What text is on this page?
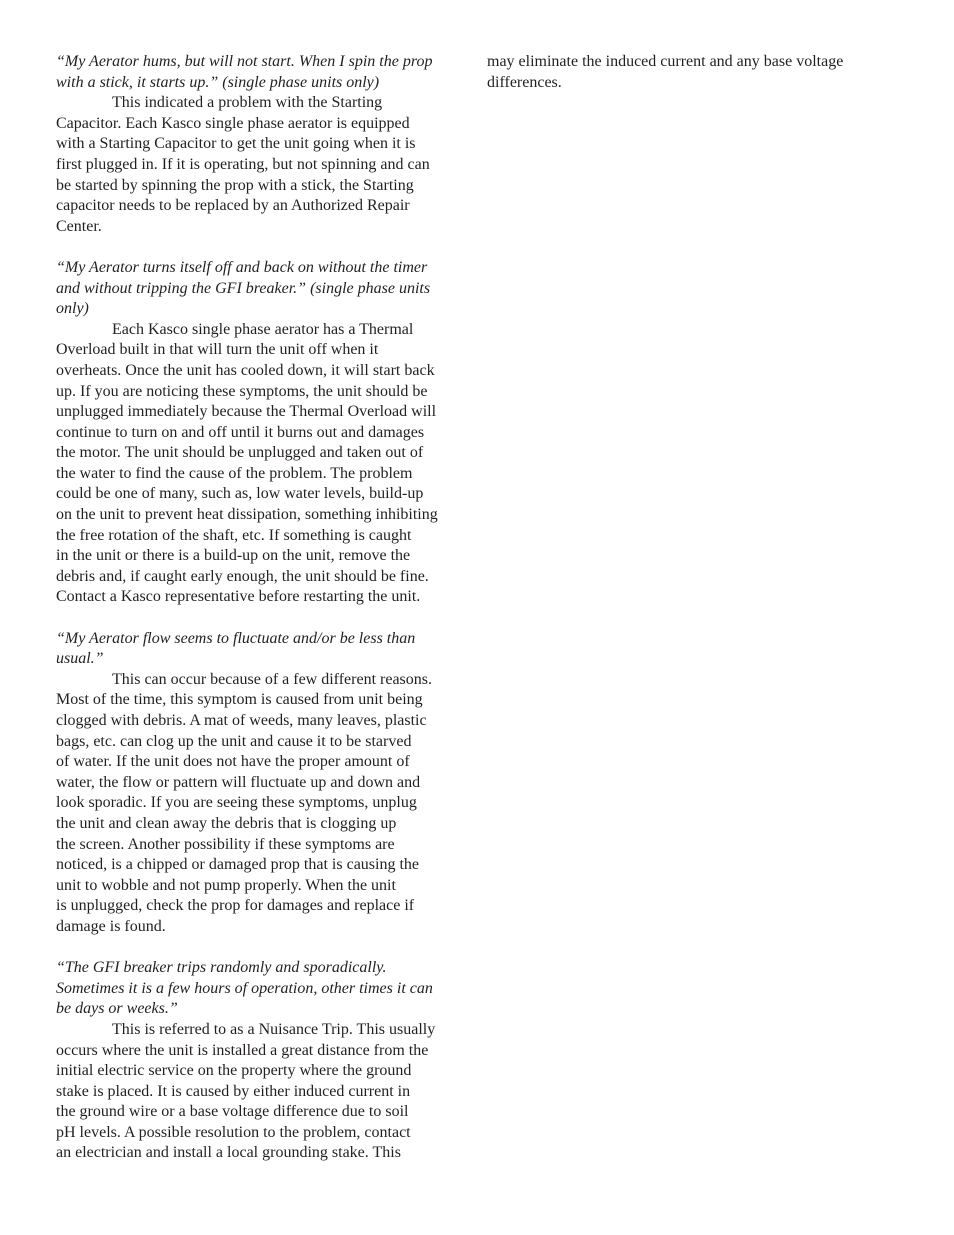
“My Aerator hums, but will not start. When I spin the prop
with a stick, it starts up.” (single phase units only)

This indicated a problem with the Starting
Capacitor. Each Kasco single phase aerator is equipped
with a Starting Capacitor to get the unit going when it is
first plugged in. If it is operating, but not spinning and can
be started by spinning the prop with a stick, the Starting
capacitor needs to be replaced by an Authorized Repair
Center.

“My Aerator turns itself off and back on without the timer
and without tripping the GFI breaker.” (single phase units
only)

Each Kasco single phase aerator has a Thermal
Overload built in that will turn the unit off when it
overheats. Once the unit has cooled down, it will start back
up. If you are noticing these symptoms, the unit should be
unplugged immediately because the Thermal Overload will
continue to turn on and off until it burns out and damages
the motor. The unit should be unplugged and taken out of
the water to find the cause of the problem. The problem
could be one of many, such as, low water levels, build-up
on the unit to prevent heat dissipation, something inhibiting
the free rotation of the shaft, etc. If something is caught
in the unit or there is a build-up on the unit, remove the
debris and, if caught early enough, the unit should be fine.
Contact a Kasco representative before restarting the unit.

“My Aerator flow seems to fluctuate and/or be less than
usual.”

This can occur because of a few different reasons.
Most of the time, this symptom is caused from unit being
clogged with debris. A mat of weeds, many leaves, plastic
bags, etc. can clog up the unit and cause it to be starved
of water. If the unit does not have the proper amount of
water, the flow or pattern will fluctuate up and down and
look sporadic. If you are seeing these symptoms, unplug
the unit and clean away the debris that is clogging up
the screen. Another possibility if these symptoms are
noticed, is a chipped or damaged prop that is causing the
unit to wobble and not pump properly. When the unit
is unplugged, check the prop for damages and replace if
damage is found.

“The GFI breaker trips randomly and sporadically.
Sometimes it is a few hours of operation, other times it can
be days or weeks.”

This is referred to as a Nuisance Trip. This usually
occurs where the unit is installed a great distance from the
initial electric service on the property where the ground
stake is placed. It is caused by either induced current in
the ground wire or a base voltage difference due to soil
pH levels. A possible resolution to the problem, contact
an electrician and install a local grounding stake. This

may eliminate the induced current and any base voltage
differences.
